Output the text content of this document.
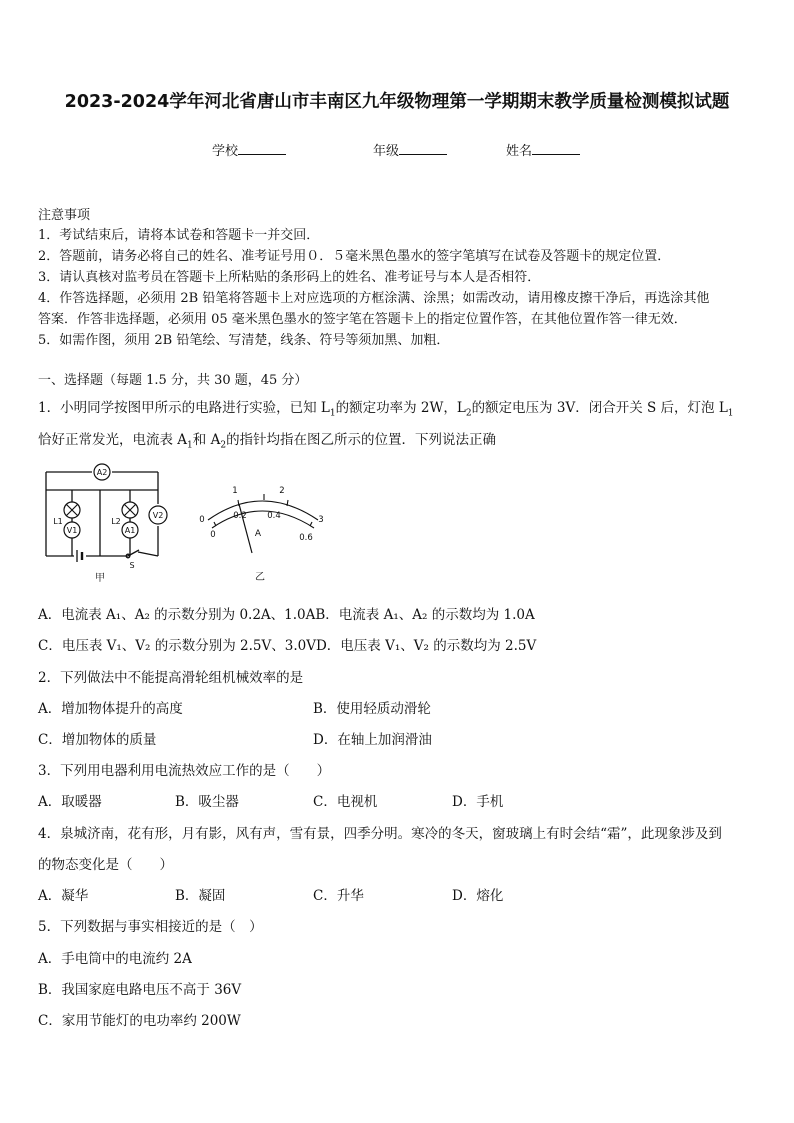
2023-2024学年河北省唐山市丰南区九年级物理第一学期期末教学质量检测模拟试题
学校	年级	姓名
注意事项
1．考试结束后，请将本试卷和答题卡一并交回．
2．答题前，请务必将自己的姓名、准考证号用０．５毫米黑色墨水的签字笔填写在试卷及答题卡的规定位置．
3．请认真核对监考员在答题卡上所粘贴的条形码上的姓名、准考证号与本人是否相符．
4．作答选择题，必须用 2B 铅笔将答题卡上对应选项的方框涂满、涂黑；如需改动，请用橡皮擦干净后，再选涂其他
答案．作答非选择题，必须用 05 毫米黑色墨水的签字笔在答题卡上的指定位置作答，在其他位置作答一律无效．
5．如需作图，须用 2B 铅笔绘、写清楚，线条、符号等须加黑、加粗．
一、选择题（每题 1.5 分，共 30 题，45 分）
1．小明同学按图甲所示的电路进行实验，已知 $L_1$的额定功率为 2W，$L_2$的额定电压为 3V．闭合开关 S 后，灯泡 $L_1$
恰好正常发光，电流表 $A_1$和 $A_2$的指针均指在图乙所示的位置．下列说法正确
A2
V1	A1
V2
L1	L2
S
甲
0
1	2
3
0
0.2 0.4
0.6
A
乙
A．电流表 A₁、A₂ 的示数分别为 0.2A、1.0AB．电流表 A₁、A₂ 的示数均为 1.0A
C．电压表 V₁、V₂ 的示数分别为 2.5V、3.0VD．电压表 V₁、V₂ 的示数均为 2.5V
2．下列做法中不能提高滑轮组机械效率的是
A．增加物体提升的高度	B．使用轻质动滑轮
C．增加物体的质量	D．在轴上加润滑油
3．下列用电器利用电流热效应工作的是（　　）
A．取暖器	B．吸尘器	C．电视机	D．手机
4．泉城济南，花有形，月有影，风有声，雪有景，四季分明。寒冷的冬天，窗玻璃上有时会结“霜”，此现象涉及到
的物态变化是（　　）
A．凝华	B．凝固	C．升华	D．熔化
5．下列数据与事实相接近的是（　）
A．手电筒中的电流约 2A
B．我国家庭电路电压不高于 36V
C．家用节能灯的电功率约 200W
